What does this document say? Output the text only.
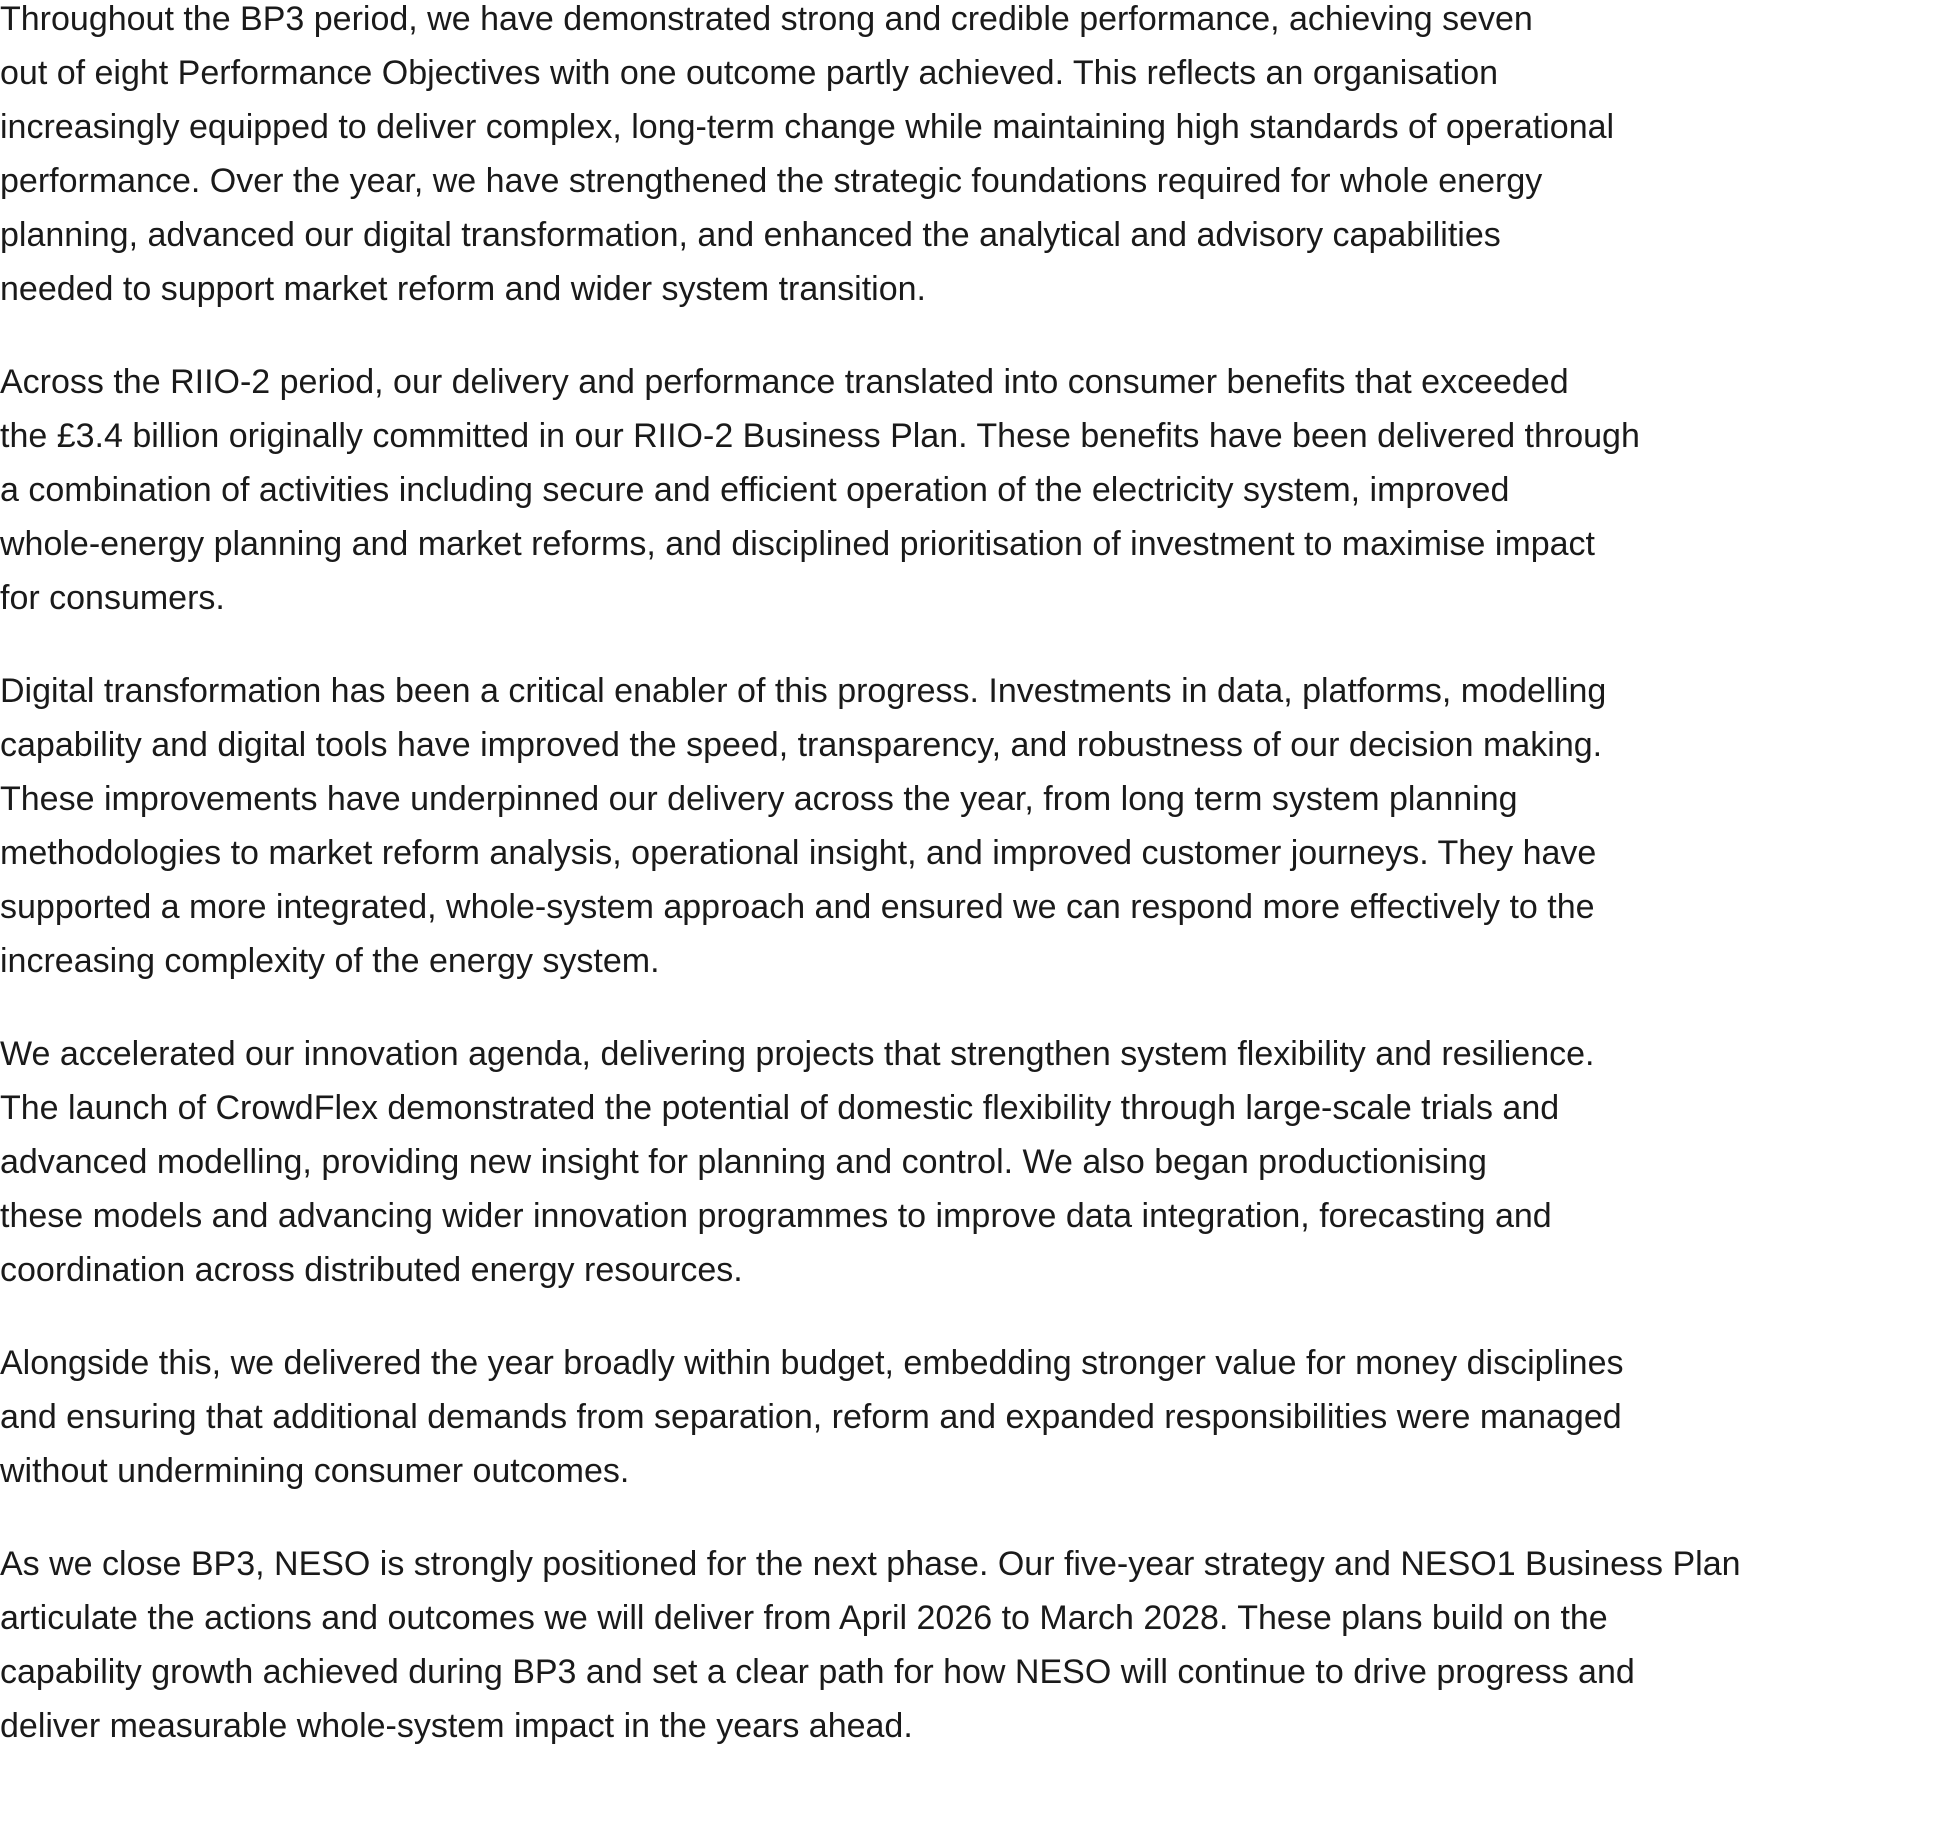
Throughout the BP3 period, we have demonstrated strong and credible performance, achieving seven
out of eight Performance Objectives with one outcome partly achieved. This reflects an organisation
increasingly equipped to deliver complex, long-term change while maintaining high standards of operational
performance. Over the year, we have strengthened the strategic foundations required for whole energy
planning, advanced our digital transformation, and enhanced the analytical and advisory capabilities
needed to support market reform and wider system transition.
Across the RIIO-2 period, our delivery and performance translated into consumer benefits that exceeded
the £3.4 billion originally committed in our RIIO-2 Business Plan. These benefits have been delivered through
a combination of activities including secure and efficient operation of the electricity system, improved
whole-energy planning and market reforms, and disciplined prioritisation of investment to maximise impact
for consumers.
Digital transformation has been a critical enabler of this progress. Investments in data, platforms, modelling
capability and digital tools have improved the speed, transparency, and robustness of our decision making.
These improvements have underpinned our delivery across the year, from long term system planning
methodologies to market reform analysis, operational insight, and improved customer journeys. They have
supported a more integrated, whole-system approach and ensured we can respond more effectively to the
increasing complexity of the energy system.
We accelerated our innovation agenda, delivering projects that strengthen system flexibility and resilience.
The launch of CrowdFlex demonstrated the potential of domestic flexibility through large-scale trials and
advanced modelling, providing new insight for planning and control. We also began productionising
these models and advancing wider innovation programmes to improve data integration, forecasting and
coordination across distributed energy resources.
Alongside this, we delivered the year broadly within budget, embedding stronger value for money disciplines
and ensuring that additional demands from separation, reform and expanded responsibilities were managed
without undermining consumer outcomes.
As we close BP3, NESO is strongly positioned for the next phase. Our five-year strategy and NESO1 Business Plan
articulate the actions and outcomes we will deliver from April 2026 to March 2028. These plans build on the
capability growth achieved during BP3 and set a clear path for how NESO will continue to drive progress and
deliver measurable whole-system impact in the years ahead.
